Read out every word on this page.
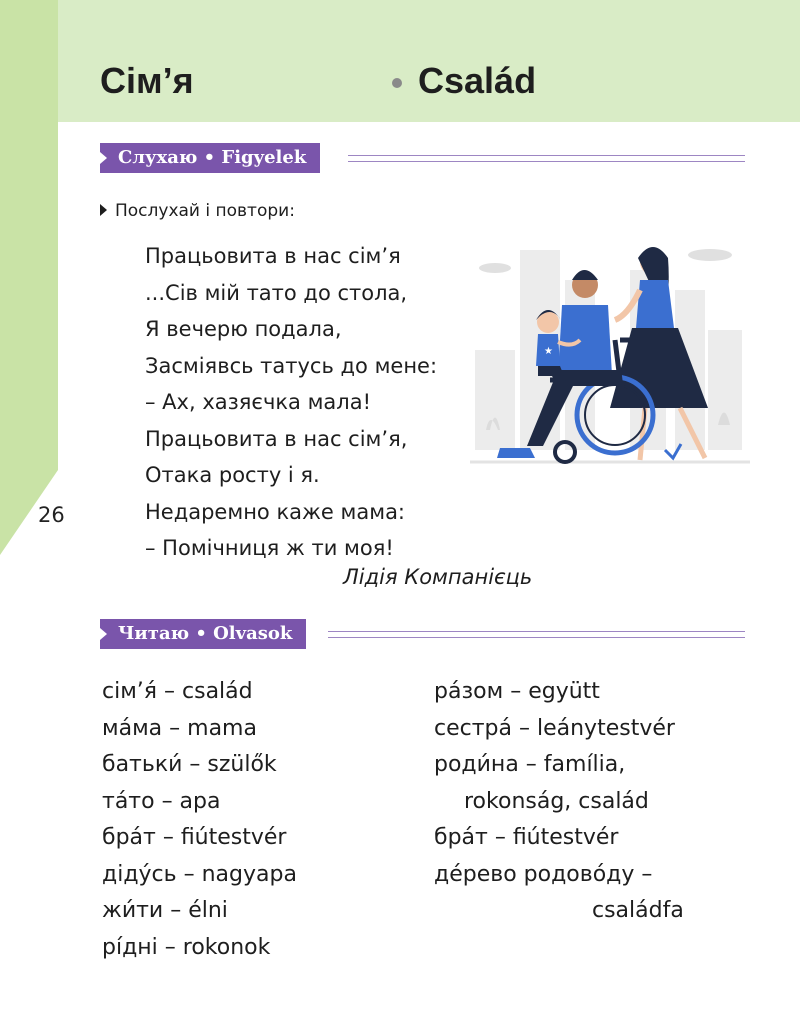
26
Сім’я	Család
Слухаю • Figyelek
Послухай і повтори:
Працьовита в нас сім’я
...Сів мій тато до стола,
Я вечерю подала,
Засміявсь татусь до мене:
– Ах, хазяєчка мала!
Працьовита в нас сім’я,
Отака росту і я.
Недаремно каже мама:
– Помічниця ж ти моя!
Лідія Компанієць
★
Читаю • Olvasok
сім’я́ – család
ма́ма – mama
батьки́ – szülők
та́то – apa
бра́т – fiútestvér
діду́сь – nagyapa
жи́ти – élni
рі́дні – rokonok
ра́зом – együtt
сестра́ – leánytestvér
роди́на – família,
rokonság, család
бра́т – fiútestvér
де́рево родово́ду –
családfa
